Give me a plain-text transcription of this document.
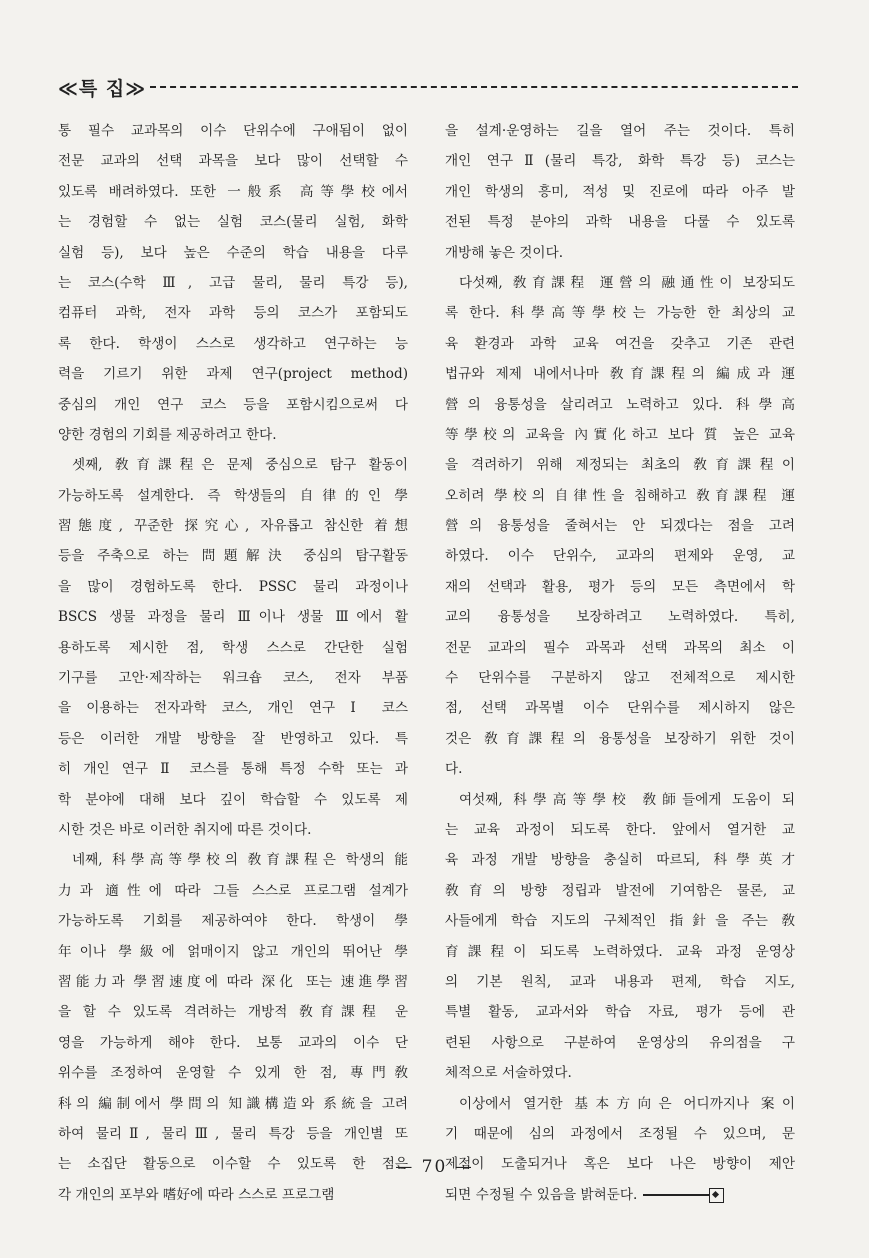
≪특 집≫
통 필수 교과목의 이수 단위수에 구애됨이 없이
전문 교과의 선택 과목을 보다 많이 선택할 수
있도록 배려하였다. 또한 一般系 高等學校에서
는 경험할 수 없는 실험 코스(물리 실험, 화학
실험 등), 보다 높은 수준의 학습 내용을 다루
는 코스(수학 Ⅲ, 고급 물리, 물리 특강 등),
컴퓨터 과학, 전자 과학 등의 코스가 포함되도
록 한다. 학생이 스스로 생각하고 연구하는 능
력을 기르기 위한 과제 연구(project method)
중심의 개인 연구 코스 등을 포함시킴으로써 다
양한 경험의 기회를 제공하려고 한다.
셋째, 敎育課程은 문제 중심으로 탐구 활동이
가능하도록 설계한다. 즉 학생들의 自律的인 學
習態度, 꾸준한 探究心, 자유롭고 참신한 着想
등을 주축으로 하는 問題解決 중심의 탐구활동
을 많이 경험하도록 한다. PSSC 물리 과정이나
BSCS 생물 과정을 물리 Ⅲ이나 생물 Ⅲ에서 활
용하도록 제시한 점, 학생 스스로 간단한 실험
기구를 고안·제작하는 워크숍 코스, 전자 부품
을 이용하는 전자과학 코스, 개인 연구 Ⅰ 코스
등은 이러한 개발 방향을 잘 반영하고 있다. 특
히 개인 연구 Ⅱ 코스를 통해 특정 수학 또는 과
학 분야에 대해 보다 깊이 학습할 수 있도록 제
시한 것은 바로 이러한 취지에 따른 것이다.
네째, 科學高等學校의 敎育課程은 학생의 能
力과 適性에 따라 그들 스스로 프로그램 설계가
가능하도록 기회를 제공하여야 한다. 학생이 學
年이나 學級에 얽매이지 않고 개인의 뛰어난 學
習能力과 學習速度에 따라 深化 또는 速進學習
을 할 수 있도록 격려하는 개방적 敎育課程 운
영을 가능하게 해야 한다. 보통 교과의 이수 단
위수를 조정하여 운영할 수 있게 한 점, 專門敎
科의 編制에서 學問의 知識構造와 系統을 고려
하여 물리Ⅱ, 물리Ⅲ, 물리 특강 등을 개인별 또
는 소집단 활동으로 이수할 수 있도록 한 점은
각 개인의 포부와 嗜好에 따라 스스로 프로그램
을 설계·운영하는 길을 열어 주는 것이다. 특히
개인 연구Ⅱ(물리 특강, 화학 특강 등) 코스는
개인 학생의 흥미, 적성 및 진로에 따라 아주 발
전된 특정 분야의 과학 내용을 다룰 수 있도록
개방해 놓은 것이다.
다섯째, 敎育課程 運營의 融通性이 보장되도
록 한다. 科學高等學校는 가능한 한 최상의 교
육 환경과 과학 교육 여건을 갖추고 기존 관련
법규와 제제 내에서나마 敎育課程의 編成과 運
營의 융통성을 살리려고 노력하고 있다. 科學高
等學校의 교육을 內實化하고 보다 質 높은 교육
을 격려하기 위해 제정되는 최초의 敎育課程이
오히려 學校의 自律性을 침해하고 敎育課程 運
營의 융통성을 줄혀서는 안 되겠다는 점을 고려
하였다. 이수 단위수, 교과의 편제와 운영, 교
재의 선택과 활용, 평가 등의 모든 측면에서 학
교의 융통성을 보장하려고 노력하였다. 특히,
전문 교과의 필수 과목과 선택 과목의 최소 이
수 단위수를 구분하지 않고 전체적으로 제시한
점, 선택 과목별 이수 단위수를 제시하지 않은
것은 敎育課程의 융통성을 보장하기 위한 것이
다.
여섯째, 科學高等學校 敎師들에게 도움이 되
는 교육 과정이 되도록 한다. 앞에서 열거한 교
육 과정 개발 방향을 충실히 따르되, 科學英才
敎育의 방향 정립과 발전에 기여함은 물론, 교
사들에게 학습 지도의 구체적인 指針을 주는 敎
育課程이 되도록 노력하였다. 교육 과정 운영상
의 기본 원칙, 교과 내용과 편제, 학습 지도,
특별 활동, 교과서와 학습 자료, 평가 등에 관
련된 사항으로 구분하여 운영상의 유의점을 구
체적으로 서술하였다.
이상에서 열거한 基本方向은 어디까지나 案이
기 때문에 심의 과정에서 조정될 수 있으며, 문
제점이 도출되거나 혹은 보다 나은 방향이 제안
되면 수정될 수 있음을 밝혀둔다.
— 70 —
